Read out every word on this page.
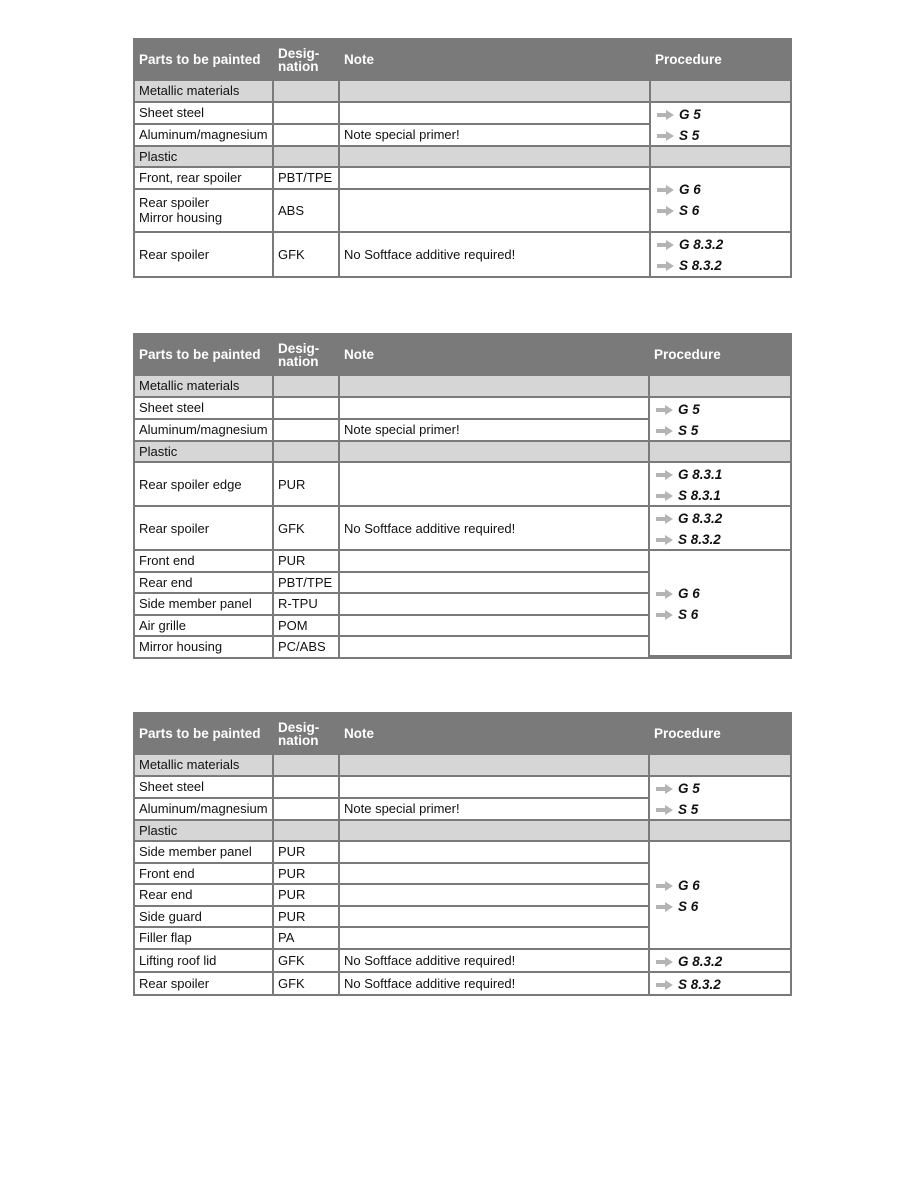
Parts to be painted	Desig-
nation	Note	Procedure
Metallic materials			
Sheet steel			G 5
S 5

Aluminum/magnesium		Note special primer!	
Plastic			
Front, rear spoiler	PBT/TPE		G 6
S 6

Rear spoiler
Mirror housing	ABS		
Rear spoiler	GFK	No Softface additive required!	G 8.3.2
S 8.3.2
Parts to be painted	Desig-
nation	Note	Procedure
Metallic materials			
Sheet steel			G 5
S 5

Aluminum/magnesium		Note special primer!	
Plastic			
Rear spoiler edge	PUR		G 8.3.1
S 8.3.1

Rear spoiler	GFK	No Softface additive required!	G 8.3.2
S 8.3.2

Front end	PUR		G 6
S 6

Rear end	PBT/TPE		
Side member panel	R-TPU		
Air grille	POM		
Mirror housing	PC/ABS		
Parts to be painted	Desig-
nation	Note	Procedure
Metallic materials			
Sheet steel			G 5
S 5

Aluminum/magnesium		Note special primer!	
Plastic			
Side member panel	PUR		G 6
S 6

Front end	PUR		
Rear end	PUR		
Side guard	PUR		
Filler flap	PA		
Lifting roof lid	GFK	No Softface additive required!	G 8.3.2

Rear spoiler	GFK	No Softface additive required!	S 8.3.2
